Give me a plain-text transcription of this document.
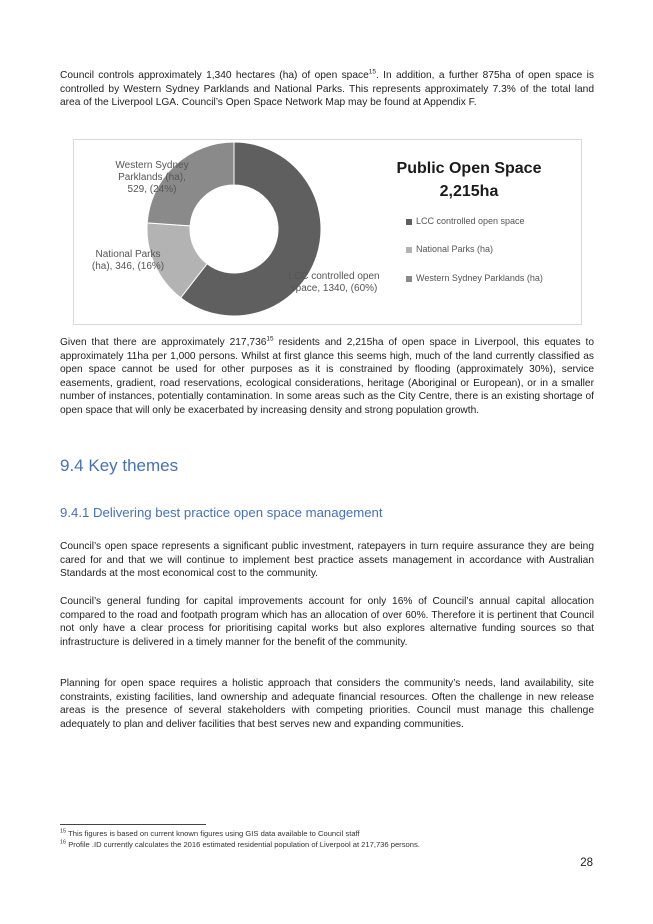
Council controls approximately 1,340 hectares (ha) of open space$^{15}$. In addition, a further 875ha of open space is controlled by Western Sydney Parklands and National Parks. This represents approximately 7.3% of the total land area of the Liverpool LGA. Council’s Open Space Network Map may be found at Appendix F.

LCC controlled open
space, 1340, (60%)
National Parks
(ha), 346, (16%)
Western Sydney
Parklands (ha),
529, (24%)
Public Open Space
2,215ha
LCC controlled open space
National Parks (ha)
Western Sydney Parklands (ha)

Given that there are approximately 217,736$^{15}$ residents and 2,215ha of open space in Liverpool, this equates to approximately 11ha per 1,000 persons. Whilst at first glance this seems high, much of the land currently classified as open space cannot be used for other purposes as it is constrained by flooding (approximately 30%), service easements, gradient, road reservations, ecological considerations, heritage (Aboriginal or European), or in a smaller number of instances, potentially contamination. In some areas such as the City Centre, there is an existing shortage of open space that will only be exacerbated by increasing density and strong population growth.

9.4 Key themes
9.4.1 Delivering best practice open space management

Council’s open space represents a significant public investment, ratepayers in turn require assurance they are being cared for and that we will continue to implement best practice assets management in accordance with Australian Standards at the most economical cost to the community.

Council’s general funding for capital improvements account for only 16% of Council’s annual capital allocation compared to the road and footpath program which has an allocation of over 60%. Therefore it is pertinent that Council not only have a clear process for prioritising capital works but also explores alternative funding sources so that infrastructure is delivered in a timely manner for the benefit of the community.

Planning for open space requires a holistic approach that considers the community’s needs, land availability, site constraints, existing facilities, land ownership and adequate financial resources. Often the challenge in new release areas is the presence of several stakeholders with competing priorities. Council must manage this challenge adequately to plan and deliver facilities that best serves new and expanding communities.

$^{15}$ This figures is based on current known figures using GIS data available to Council staff
$^{16}$ Profile .ID currently calculates the 2016 estimated residential population of Liverpool at 217,736 persons.
28
